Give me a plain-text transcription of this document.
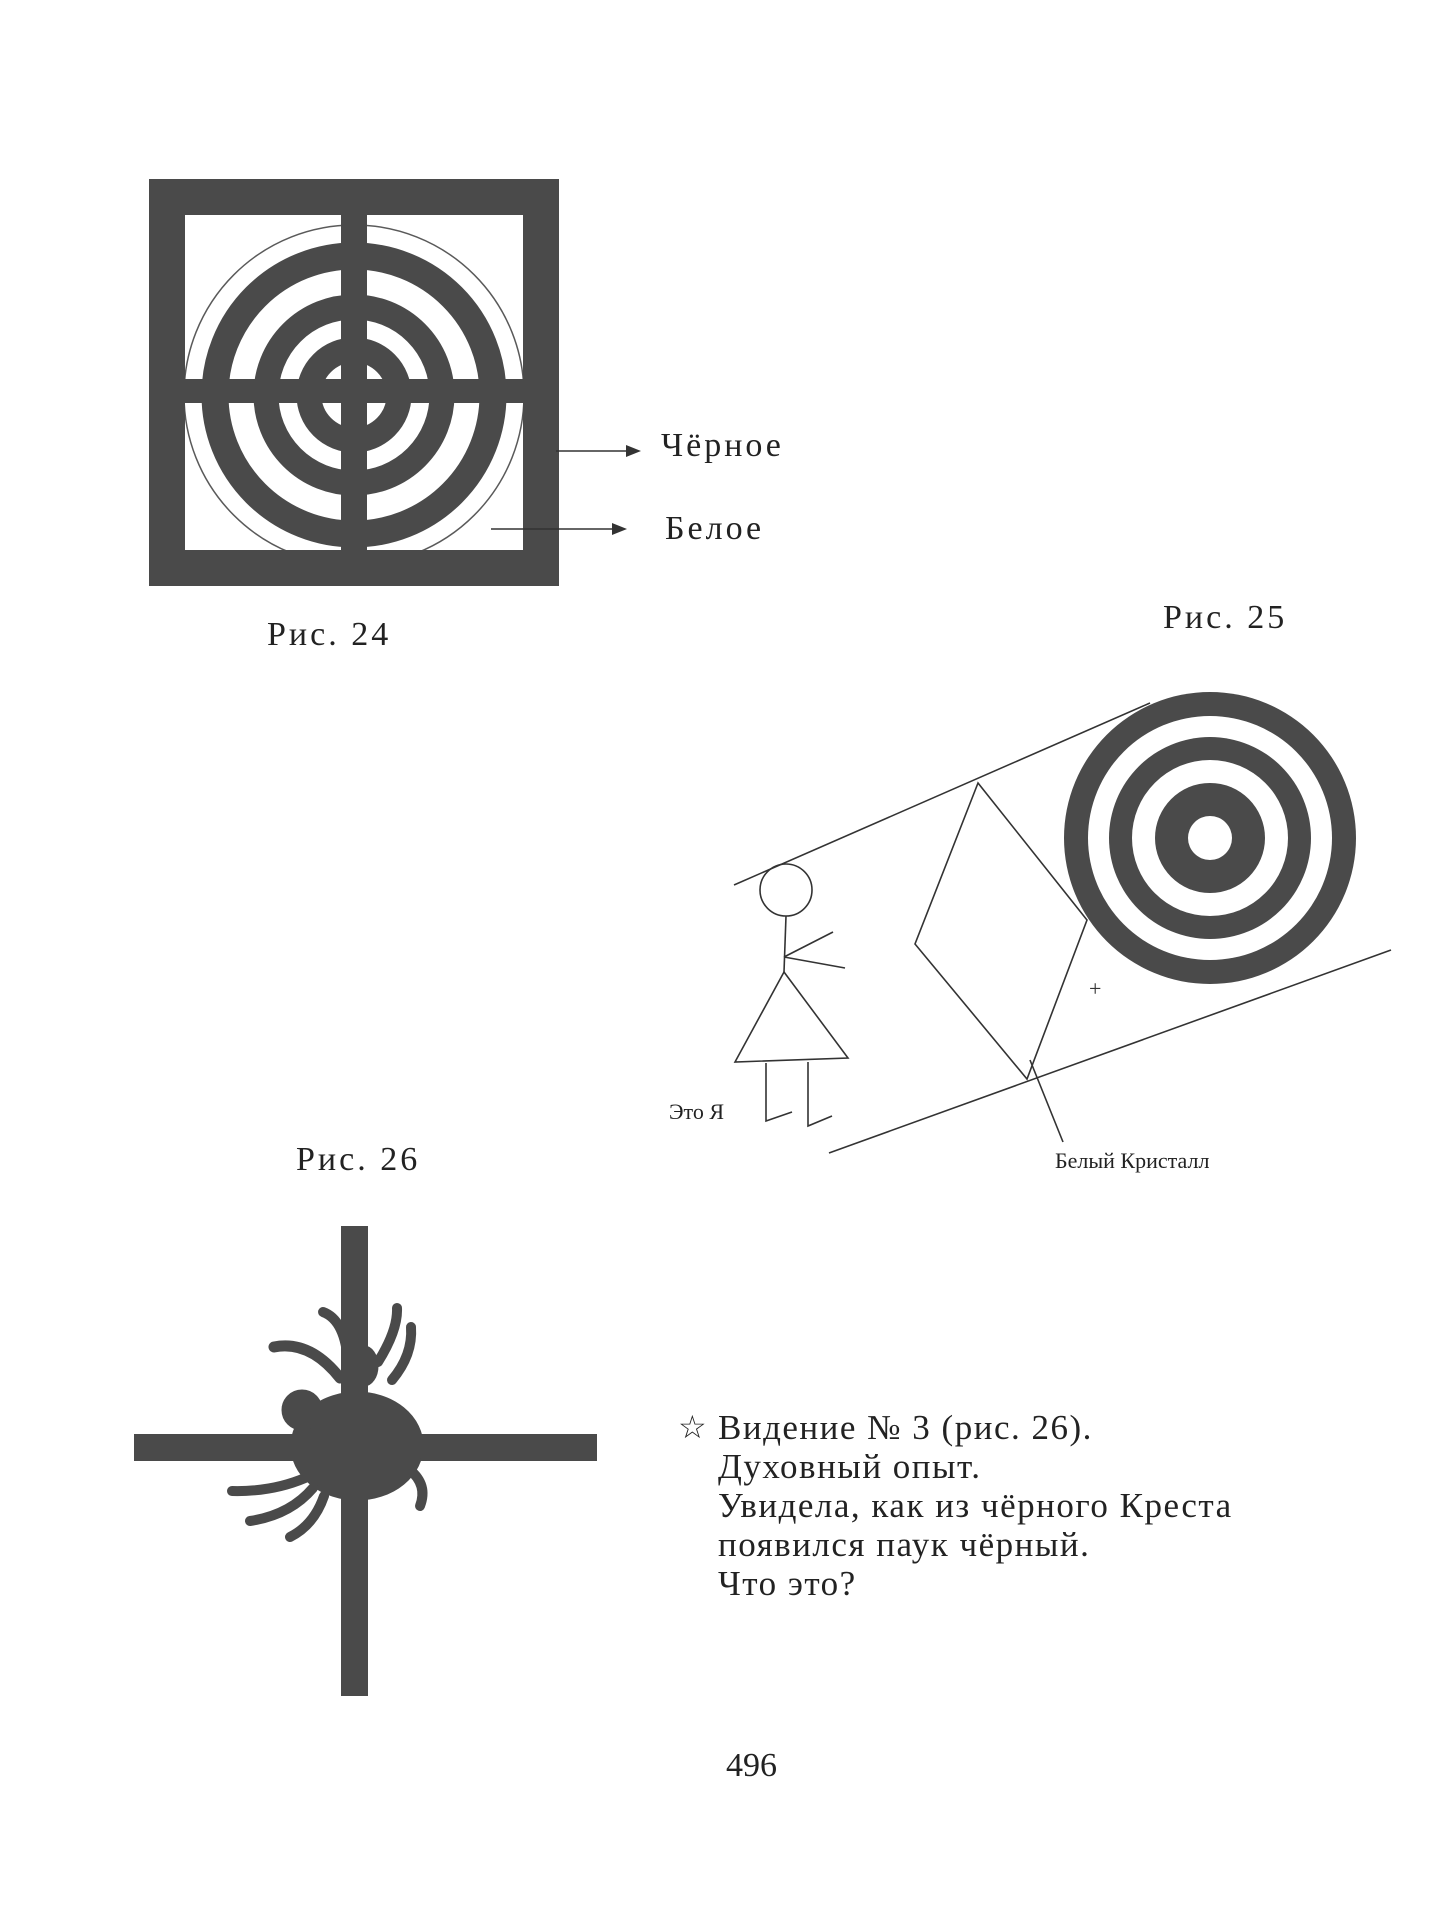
Чёрное
Белое
Рис. 24	Рис. 25
+
Это Я
Белый Кристалл
Рис. 26
☆ Видение № 3 (рис. 26).
Духовный опыт.
Увидела, как из чёрного Креста
появился паук чёрный.
Что это?
496
